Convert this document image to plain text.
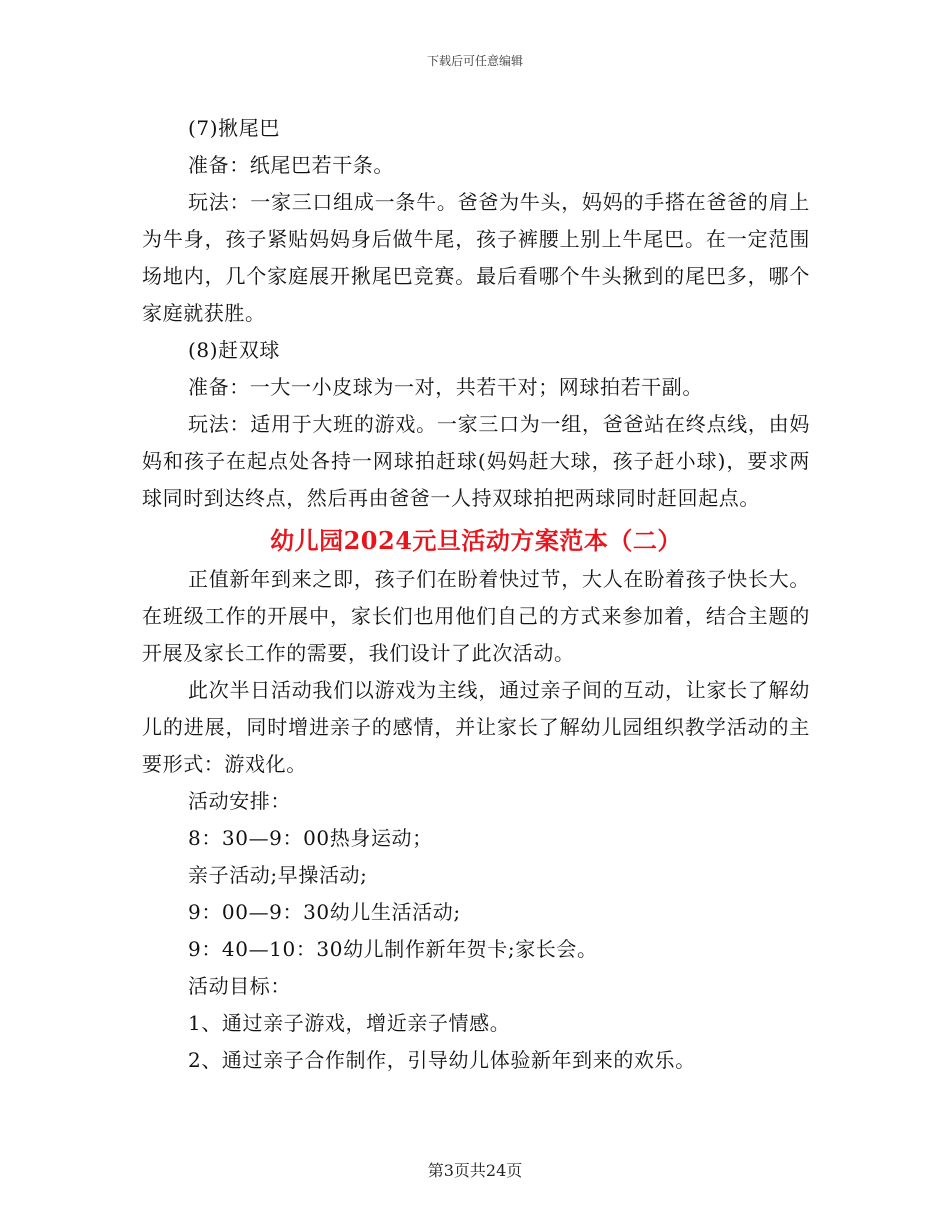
下载后可任意编辑

(7)揪尾巴

准备：纸尾巴若干条。

玩法：一家三口组成一条牛。爸爸为牛头，妈妈的手搭在爸爸的肩上为牛身，孩子紧贴妈妈身后做牛尾，孩子裤腰上别上牛尾巴。在一定范围场地内，几个家庭展开揪尾巴竞赛。最后看哪个牛头揪到的尾巴多，哪个家庭就获胜。

(8)赶双球

准备：一大一小皮球为一对，共若干对；网球拍若干副。

玩法：适用于大班的游戏。一家三口为一组，爸爸站在终点线，由妈妈和孩子在起点处各持一网球拍赶球(妈妈赶大球，孩子赶小球)，要求两球同时到达终点，然后再由爸爸一人持双球拍把两球同时赶回起点。

幼儿园2024元旦活动方案范本（二）

正值新年到来之即，孩子们在盼着快过节，大人在盼着孩子快长大。在班级工作的开展中，家长们也用他们自己的方式来参加着，结合主题的开展及家长工作的需要，我们设计了此次活动。

此次半日活动我们以游戏为主线，通过亲子间的互动，让家长了解幼儿的进展，同时增进亲子的感情，并让家长了解幼儿园组织教学活动的主要形式：游戏化。

活动安排：

8：30—9：00热身运动；

亲子活动;早操活动;

9：00—9：30幼儿生活活动;

9：40—10：30幼儿制作新年贺卡;家长会。

活动目标：

1、通过亲子游戏，增近亲子情感。

2、通过亲子合作制作，引导幼儿体验新年到来的欢乐。

第3页共24页
